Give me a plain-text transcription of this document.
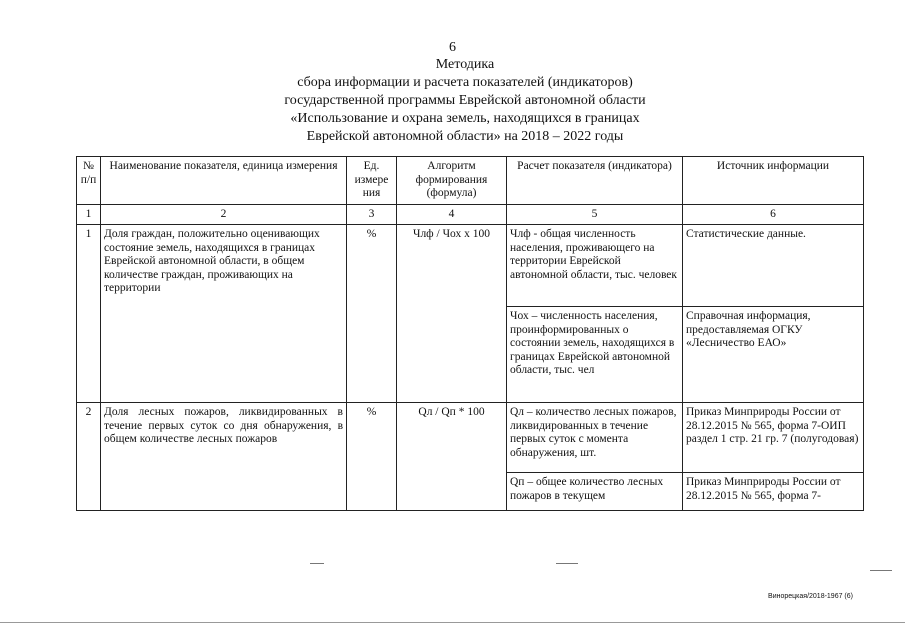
6
Методика
сбора информации и расчета показателей (индикаторов)
государственной программы Еврейской автономной области
«Использование и охрана земель, находящихся в границах
Еврейской автономной области» на 2018 – 2022 годы
№ п/п	Наименование показателя, единица измерения	Ед. измере ния	Алгоритм формирования (формула)	Расчет показателя (индикатора)	Источник информации
1	2	3	4	5	6
1	Доля граждан, положительно оценивающих состояние земель, находящихся в границах Еврейской автономной области, в общем количестве граждан, проживающих на территории	%	Члф / Чох х 100	Члф - общая численность населения, проживающего на территории Еврейской автономной области, тыс. человек	Статистические данные.
				Чох – численность населения, проинформированных о состоянии земель, находящихся в границах Еврейской автономной области, тыс. чел	Справочная информация, предоставляемая ОГКУ «Лесничество ЕАО»
2	Доля лесных пожаров, ликвидированных в течение первых суток со дня обнаружения, в общем количестве лесных пожаров	%	Qл / Qп * 100	Qл – количество лесных пожаров, ликвидированных в течение первых суток с момента обнаружения, шт.	Приказ Минприроды России от 28.12.2015 № 565, форма 7-ОИП раздел 1 стр. 21 гр. 7 (полугодовая)
				Qп – общее количество лесных пожаров в текущем	Приказ Минприроды России от 28.12.2015 № 565, форма 7-
Винорецкая/2018-1967 (6)
